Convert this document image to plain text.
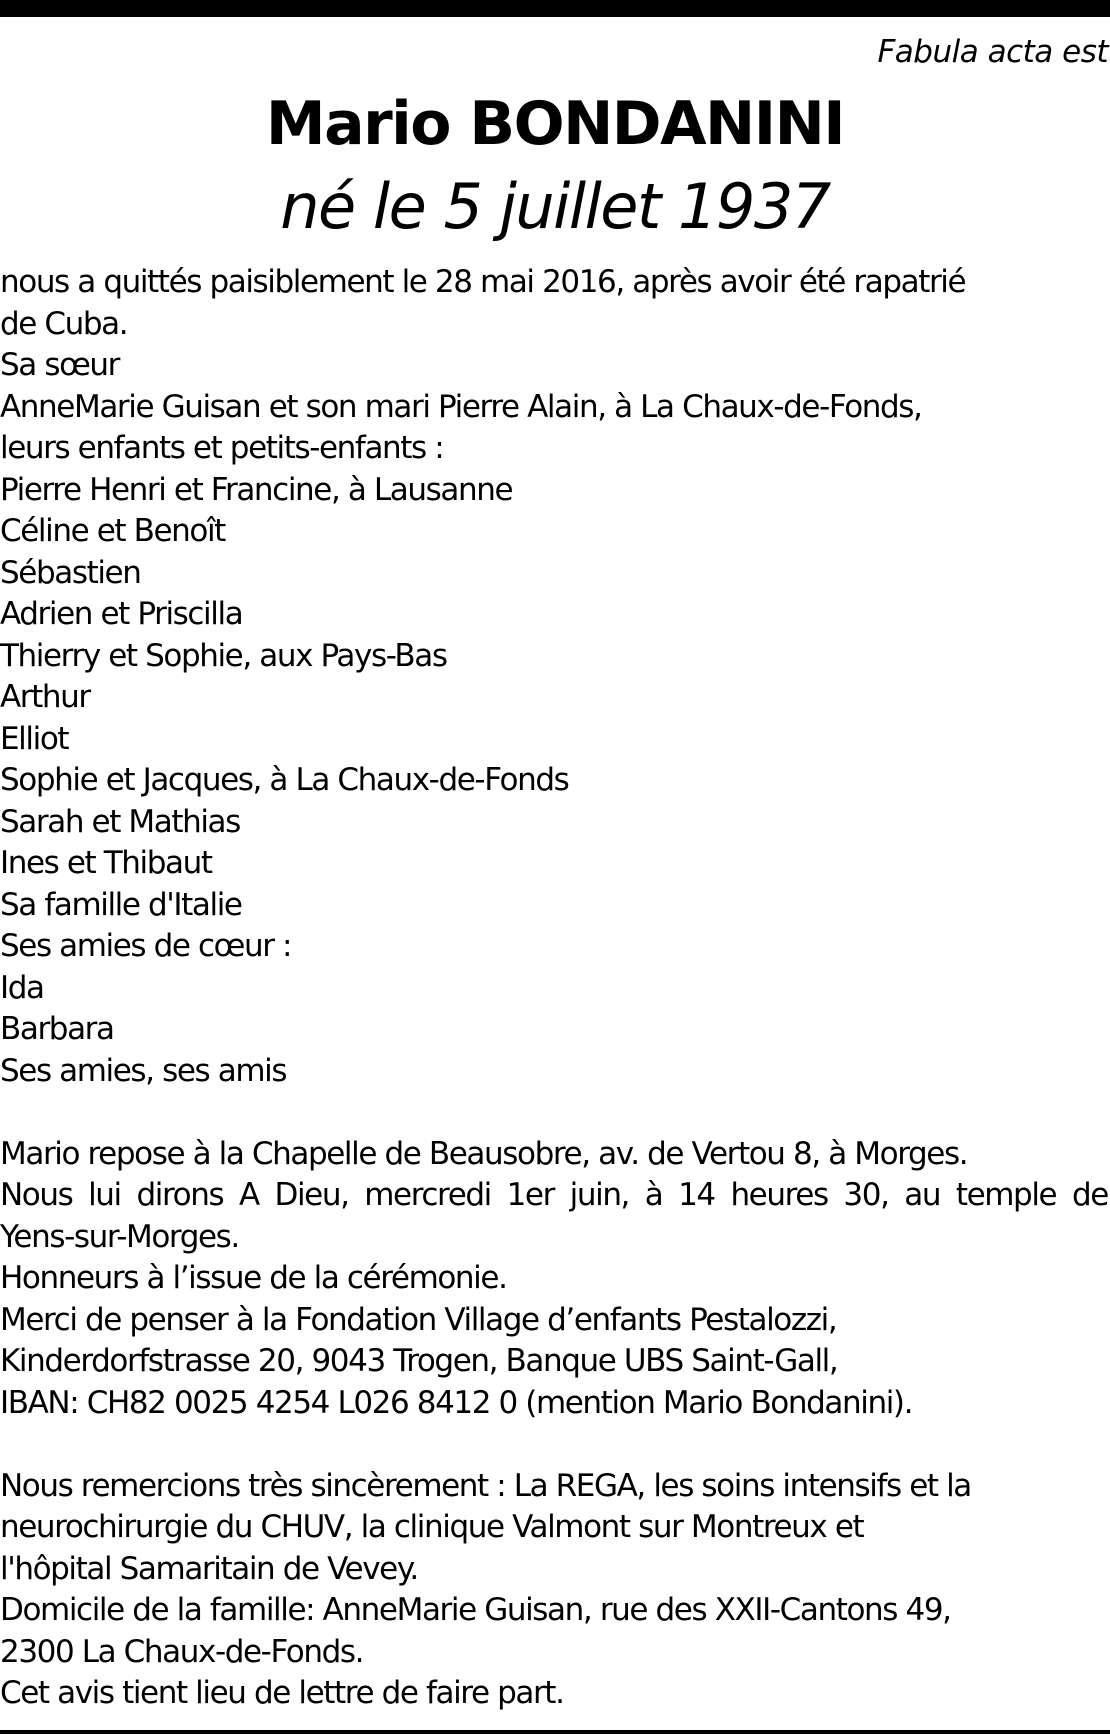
Fabula acta est
Mario BONDANINI
né le 5 juillet 1937
nous a quittés paisiblement le 28 mai 2016, après avoir été rapatrié
de Cuba.
Sa sœur
AnneMarie Guisan et son mari Pierre Alain, à La Chaux-de-Fonds,
leurs enfants et petits-enfants :
Pierre Henri et Francine, à Lausanne
Céline et Benoît
Sébastien
Adrien et Priscilla
Thierry et Sophie, aux Pays-Bas
Arthur
Elliot
Sophie et Jacques, à La Chaux-de-Fonds
Sarah et Mathias
Ines et Thibaut
Sa famille d'Italie
Ses amies de cœur :
Ida
Barbara
Ses amies, ses amis
Mario repose à la Chapelle de Beausobre, av. de Vertou 8, à Morges.
Nous lui dirons A Dieu, mercredi 1er juin, à 14 heures 30, au temple de
Yens-sur-Morges.
Honneurs à l’issue de la cérémonie.
Merci de penser à la Fondation Village d’enfants Pestalozzi,
Kinderdorfstrasse 20, 9043 Trogen, Banque UBS Saint-Gall,
IBAN: CH82 0025 4254 L026 8412 0 (mention Mario Bondanini).
Nous remercions très sincèrement : La REGA, les soins intensifs et la
neurochirurgie du CHUV, la clinique Valmont sur Montreux et
l'hôpital Samaritain de Vevey.
Domicile de la famille: AnneMarie Guisan, rue des XXII-Cantons 49,
2300 La Chaux-de-Fonds.
Cet avis tient lieu de lettre de faire part.
